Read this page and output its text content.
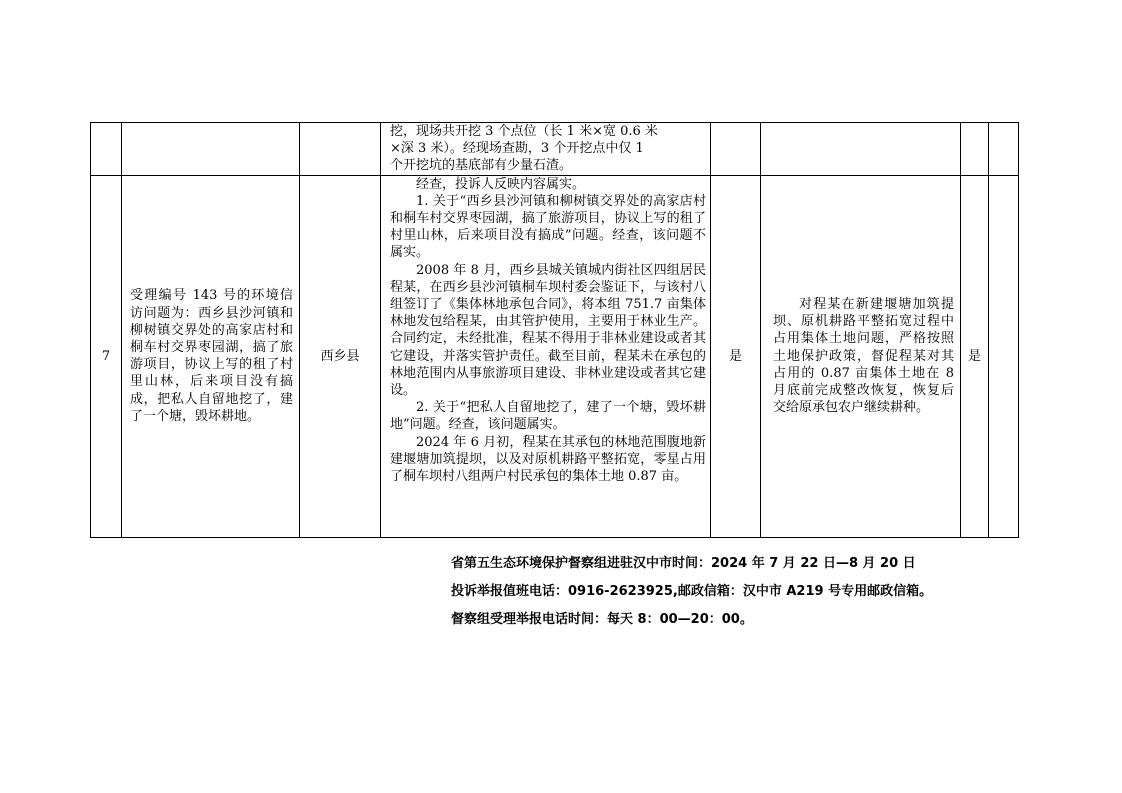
			挖，现场共开挖 3 个点位（长 1 米×宽 0.6 米
×深 3 米）。经现场查勘，3 个开挖点中仅 1
个开挖坑的基底部有少量石渣。				

7	受理编号 143 号的环境信访问题为：西乡县沙河镇和柳树镇交界处的高家店村和桐车村交界枣园湖，搞了旅游项目，协议上写的租了村里山林，后来项目没有搞成，把私人自留地挖了，建了一个塘，毁坏耕地。	西乡县	经查，投诉人反映内容属实。
1. 关于“西乡县沙河镇和柳树镇交界处的高家店村和桐车村交界枣园湖，搞了旅游项目，协议上写的租了村里山林，后来项目没有搞成”问题。经查，该问题不属实。
2008 年 8 月，西乡县城关镇城内街社区四组居民程某，在西乡县沙河镇桐车坝村委会鉴证下，与该村八组签订了《集体林地承包合同》，将本组 751.7 亩集体林地发包给程某，由其管护使用，主要用于林业生产。合同约定，未经批准，程某不得用于非林业建设或者其它建设，并落实管护责任。截至目前，程某未在承包的林地范围内从事旅游项目建设、非林业建设或者其它建设。
2. 关于“把私人自留地挖了，建了一个塘，毁坏耕地”问题。经查，该问题属实。
2024 年 6 月初，程某在其承包的林地范围腹地新建堰塘加筑提坝，以及对原机耕路平整拓宽，零星占用了桐车坝村八组两户村民承包的集体土地 0.87 亩。	是	对程某在新建堰塘加筑提坝、原机耕路平整拓宽过程中占用集体土地问题，严格按照土地保护政策，督促程某对其占用的 0.87 亩集体土地在 8 月底前完成整改恢复，恢复后交给原承包农户继续耕种。	是	
省第五生态环境保护督察组进驻汉中市时间：2024 年 7 月 22 日—8 月 20 日
投诉举报值班电话：0916-2623925,邮政信箱：汉中市 A219 号专用邮政信箱。
督察组受理举报电话时间：每天 8：00—20：00。
